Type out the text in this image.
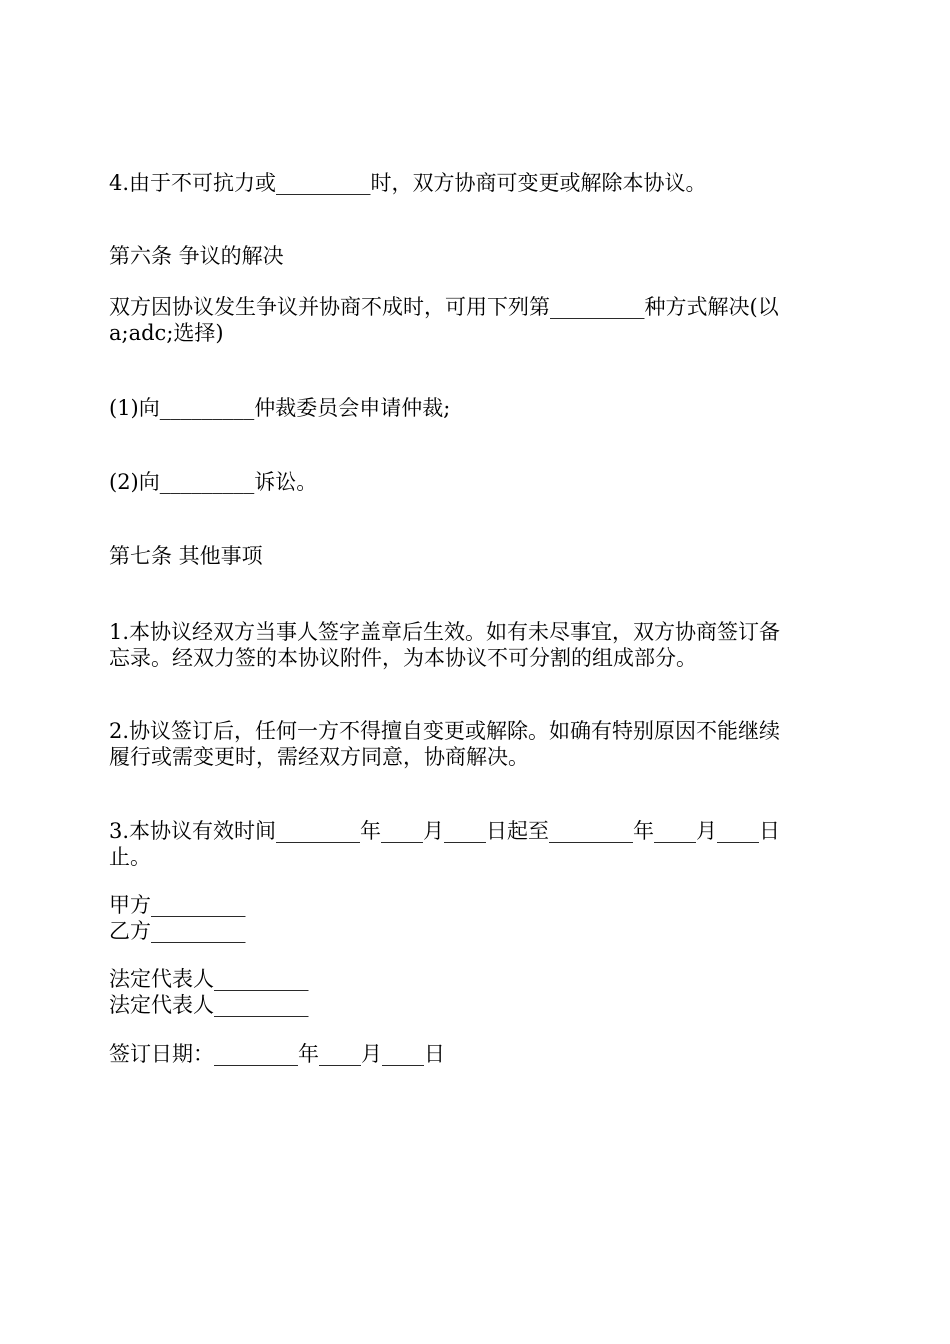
4.由于不可抗力或_________时，双方协商可变更或解除本协议。

第六条 争议的解决

双方因协议发生争议并协商不成时，可用下列第_________种方式解决(以

a;adc;选择)

(1)向_________仲裁委员会申请仲裁;

(2)向_________诉讼。

第七条 其他事项

1.本协议经双方当事人签字盖章后生效。如有未尽事宜，双方协商签订备

忘录。经双力签的本协议附件，为本协议不可分割的组成部分。

2.协议签订后，任何一方不得擅自变更或解除。如确有特别原因不能继续

履行或需变更时，需经双方同意，协商解决。

3.本协议有效时间________年____月____日起至________年____月____日

止。

甲方_________

乙方_________

法定代表人_________

法定代表人_________

签订日期：________年____月____日
